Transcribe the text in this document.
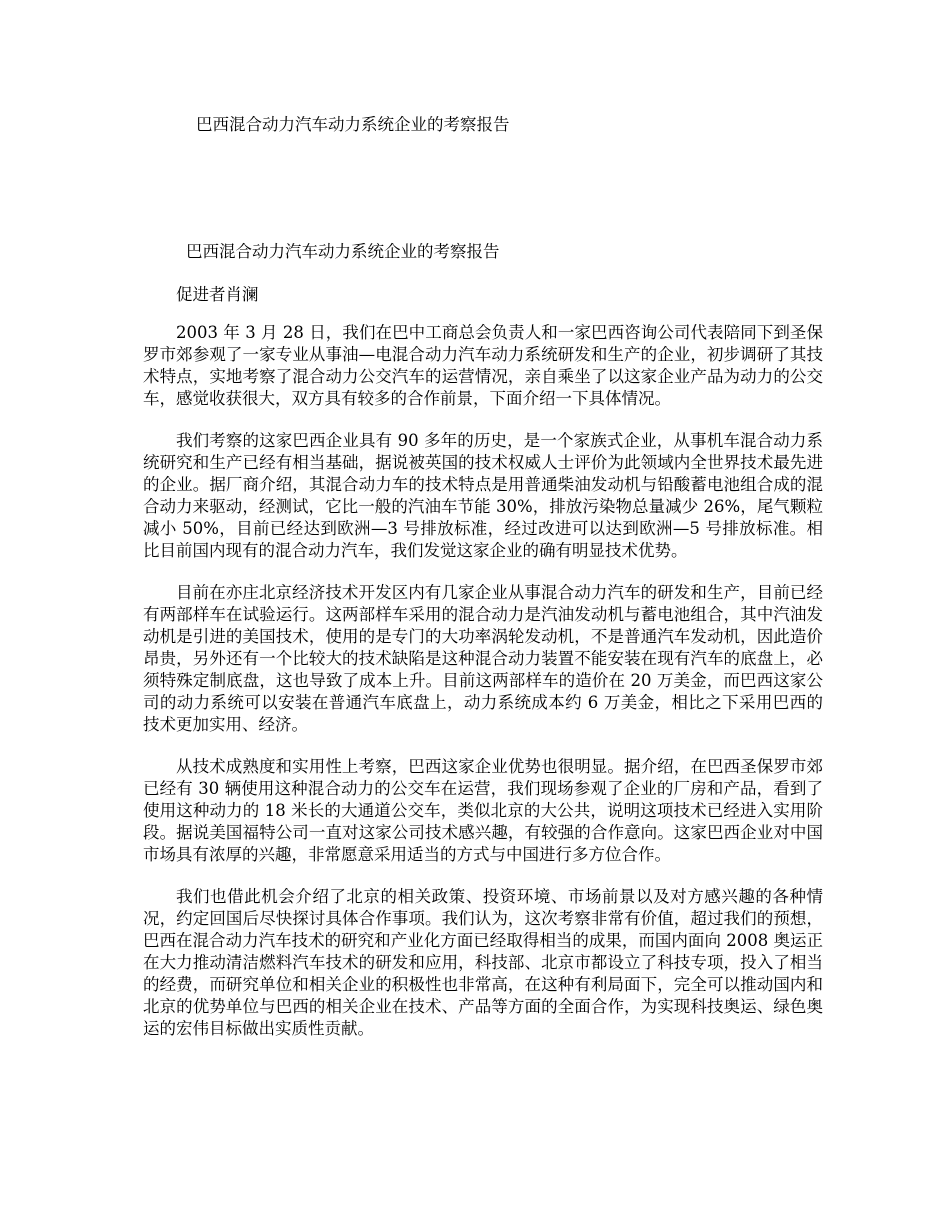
巴西混合动力汽车动力系统企业的考察报告
巴西混合动力汽车动力系统企业的考察报告
促进者肖澜

2003 年 3 月 28 日，我们在巴中工商总会负责人和一家巴西咨询公司代表陪同下到圣保罗市郊参观了一家专业从事油—电混合动力汽车动力系统研发和生产的企业，初步调研了其技术特点，实地考察了混合动力公交汽车的运营情况，亲自乘坐了以这家企业产品为动力的公交车，感觉收获很大，双方具有较多的合作前景，下面介绍一下具体情况。

我们考察的这家巴西企业具有 90 多年的历史，是一个家族式企业，从事机车混合动力系统研究和生产已经有相当基础，据说被英国的技术权威人士评价为此领域内全世界技术最先进的企业。据厂商介绍，其混合动力车的技术特点是用普通柴油发动机与铅酸蓄电池组合成的混合动力来驱动，经测试，它比一般的汽油车节能 30%，排放污染物总量减少 26%，尾气颗粒减小 50%，目前已经达到欧洲—3 号排放标准，经过改进可以达到欧洲—5 号排放标准。相比目前国内现有的混合动力汽车，我们发觉这家企业的确有明显技术优势。

目前在亦庄北京经济技术开发区内有几家企业从事混合动力汽车的研发和生产，目前已经有两部样车在试验运行。这两部样车采用的混合动力是汽油发动机与蓄电池组合，其中汽油发动机是引进的美国技术，使用的是专门的大功率涡轮发动机，不是普通汽车发动机，因此造价昂贵，另外还有一个比较大的技术缺陷是这种混合动力装置不能安装在现有汽车的底盘上，必须特殊定制底盘，这也导致了成本上升。目前这两部样车的造价在 20 万美金，而巴西这家公司的动力系统可以安装在普通汽车底盘上，动力系统成本约 6 万美金，相比之下采用巴西的技术更加实用、经济。

从技术成熟度和实用性上考察，巴西这家企业优势也很明显。据介绍，在巴西圣保罗市郊已经有 30 辆使用这种混合动力的公交车在运营，我们现场参观了企业的厂房和产品，看到了使用这种动力的 18 米长的大通道公交车，类似北京的大公共，说明这项技术已经进入实用阶段。据说美国福特公司一直对这家公司技术感兴趣，有较强的合作意向。这家巴西企业对中国市场具有浓厚的兴趣，非常愿意采用适当的方式与中国进行多方位合作。

我们也借此机会介绍了北京的相关政策、投资环境、市场前景以及对方感兴趣的各种情况，约定回国后尽快探讨具体合作事项。我们认为，这次考察非常有价值，超过我们的预想，巴西在混合动力汽车技术的研究和产业化方面已经取得相当的成果，而国内面向 2008 奥运正在大力推动清洁燃料汽车技术的研发和应用，科技部、北京市都设立了科技专项，投入了相当的经费，而研究单位和相关企业的积极性也非常高，在这种有利局面下，完全可以推动国内和北京的优势单位与巴西的相关企业在技术、产品等方面的全面合作，为实现科技奥运、绿色奥运的宏伟目标做出实质性贡献。
